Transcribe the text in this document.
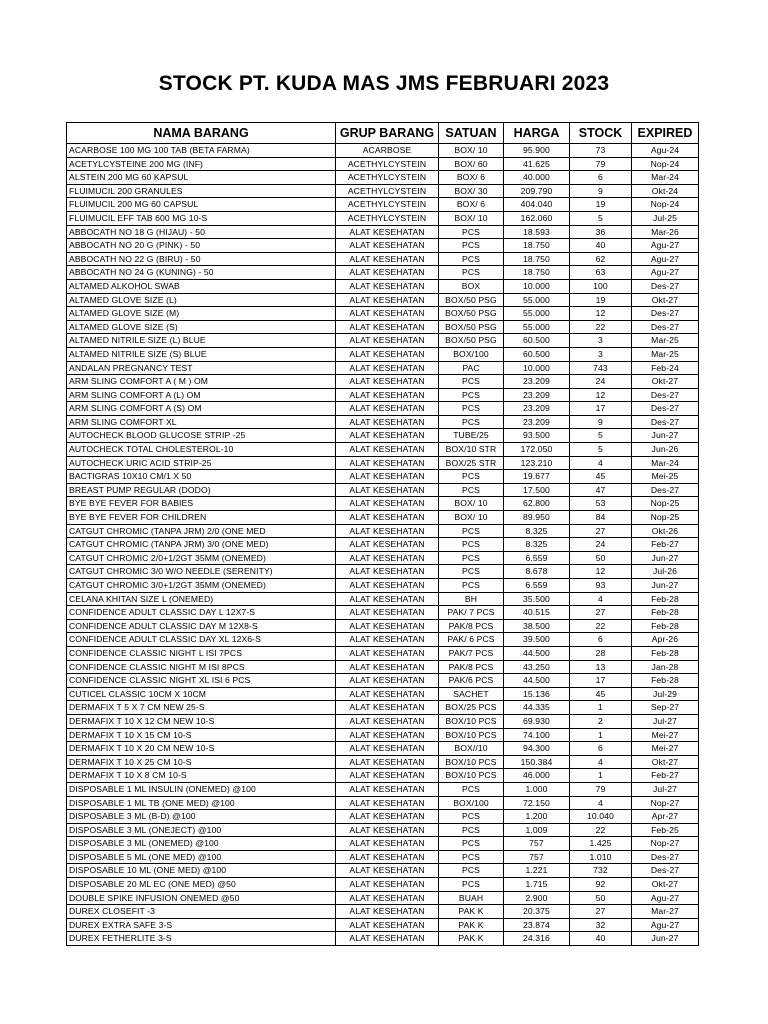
STOCK PT. KUDA MAS JMS FEBRUARI 2023
NAMA BARANG	GRUP BARANG	SATUAN	HARGA	STOCK	EXPIRED
ACARBOSE 100 MG 100 TAB (BETA FARMA)	ACARBOSE	BOX/ 10	95.900	73	Agu-24
ACETYLCYSTEINE 200 MG (INF)	ACETHYLCYSTEIN	BOX/ 60	41.625	79	Nop-24
ALSTEIN 200 MG 60 KAPSUL	ACETHYLCYSTEIN	BOX/ 6	40.000	6	Mar-24
FLUIMUCIL 200 GRANULES	ACETHYLCYSTEIN	BOX/ 30	209.790	9	Okt-24
FLUIMUCIL 200 MG 60 CAPSUL	ACETHYLCYSTEIN	BOX/ 6	404.040	19	Nop-24
FLUIMUCIL EFF TAB 600 MG 10-S	ACETHYLCYSTEIN	BOX/ 10	162.060	5	Jul-25
ABBOCATH NO 18 G (HIJAU) - 50	ALAT KESEHATAN	PCS	18.593	36	Mar-26
ABBOCATH NO 20 G (PINK) - 50	ALAT KESEHATAN	PCS	18.750	40	Agu-27
ABBOCATH NO 22 G (BIRU) - 50	ALAT KESEHATAN	PCS	18.750	62	Agu-27
ABBOCATH NO 24 G (KUNING) - 50	ALAT KESEHATAN	PCS	18.750	63	Agu-27
ALTAMED ALKOHOL SWAB	ALAT KESEHATAN	BOX	10.000	100	Des-27
ALTAMED GLOVE SIZE (L)	ALAT KESEHATAN	BOX/50 PSG	55.000	19	Okt-27
ALTAMED GLOVE SIZE (M)	ALAT KESEHATAN	BOX/50 PSG	55.000	12	Des-27
ALTAMED GLOVE SIZE (S)	ALAT KESEHATAN	BOX/50 PSG	55.000	22	Des-27
ALTAMED NITRILE SIZE (L) BLUE	ALAT KESEHATAN	BOX/50 PSG	60.500	3	Mar-25
ALTAMED NITRILE SIZE (S) BLUE	ALAT KESEHATAN	BOX/100	60.500	3	Mar-25
ANDALAN PREGNANCY TEST	ALAT KESEHATAN	PAC	10.000	743	Feb-24
ARM SLING COMFORT A ( M ) OM	ALAT KESEHATAN	PCS	23.209	24	Okt-27
ARM SLING COMFORT A (L) OM	ALAT KESEHATAN	PCS	23.209	12	Des-27
ARM SLING COMFORT A (S) OM	ALAT KESEHATAN	PCS	23.209	17	Des-27
ARM SLING COMFORT XL	ALAT KESEHATAN	PCS	23.209	9	Des-27
AUTOCHECK BLOOD GLUCOSE STRIP -25	ALAT KESEHATAN	TUBE/25	93.500	5	Jun-27
AUTOCHECK TOTAL CHOLESTEROL-10	ALAT KESEHATAN	BOX/10 STR	172.050	5	Jun-26
AUTOCHECK URIC ACID STRIP-25	ALAT KESEHATAN	BOX/25 STR	123.210	4	Mar-24
BACTIGRAS 10X10 CM/1 X 50	ALAT KESEHATAN	PCS	19.677	45	Mei-25
BREAST PUMP REGULAR (DODO)	ALAT KESEHATAN	PCS	17.500	47	Des-27
BYE BYE FEVER FOR BABIES	ALAT KESEHATAN	BOX/ 10	62.800	53	Nop-25
BYE BYE FEVER FOR CHILDREN	ALAT KESEHATAN	BOX/ 10	89.950	84	Nop-25
CATGUT CHROMIC (TANPA JRM) 2/0 (ONE MED	ALAT KESEHATAN	PCS	8.325	27	Okt-26
CATGUT CHROMIC (TANPA JRM) 3/0 (ONE MED)	ALAT KESEHATAN	PCS	8.325	24	Feb-27
CATGUT CHROMIC 2/0+1/2GT 35MM (ONEMED)	ALAT KESEHATAN	PCS	6.559	50	Jun-27
CATGUT CHROMIC 3/0 W/O NEEDLE (SERENITY)	ALAT KESEHATAN	PCS	8.678	12	Jul-26
CATGUT CHROMIC 3/0+1/2GT 35MM (ONEMED)	ALAT KESEHATAN	PCS	6.559	93	Jun-27
CELANA KHITAN SIZE L (ONEMED)	ALAT KESEHATAN	BH	35.500	4	Feb-28
CONFIDENCE ADULT CLASSIC DAY L 12X7-S	ALAT KESEHATAN	PAK/ 7 PCS	40.515	27	Feb-28
CONFIDENCE ADULT CLASSIC DAY M 12X8-S	ALAT KESEHATAN	PAK/8 PCS	38.500	22	Feb-28
CONFIDENCE ADULT CLASSIC DAY XL 12X6-S	ALAT KESEHATAN	PAK/ 6 PCS	39.500	6	Apr-26
CONFIDENCE CLASSIC NIGHT L ISI 7PCS	ALAT KESEHATAN	PAK/7 PCS	44.500	28	Feb-28
CONFIDENCE CLASSIC NIGHT M ISI 8PCS	ALAT KESEHATAN	PAK/8 PCS	43.250	13	Jan-28
CONFIDENCE CLASSIC NIGHT XL ISI 6 PCS	ALAT KESEHATAN	PAK/6 PCS	44.500	17	Feb-28
CUTICEL CLASSIC 10CM X 10CM	ALAT KESEHATAN	SACHET	15.136	45	Jul-29
DERMAFIX T 5 X 7 CM NEW 25-S	ALAT KESEHATAN	BOX/25 PCS	44.335	1	Sep-27
DERMAFIX T 10 X 12 CM NEW 10-S	ALAT KESEHATAN	BOX/10 PCS	69.930	2	Jul-27
DERMAFIX T 10 X 15 CM 10-S	ALAT KESEHATAN	BOX/10 PCS	74.100	1	Mei-27
DERMAFIX T 10 X 20 CM NEW 10-S	ALAT KESEHATAN	BOX//10	94.300	6	Mei-27
DERMAFIX T 10 X 25 CM 10-S	ALAT KESEHATAN	BOX/10 PCS	150.384	4	Okt-27
DERMAFIX T 10 X 8 CM 10-S	ALAT KESEHATAN	BOX/10 PCS	46.000	1	Feb-27
DISPOSABLE 1 ML INSULIN (ONEMED) @100	ALAT KESEHATAN	PCS	1.000	79	Jul-27
DISPOSABLE 1 ML TB (ONE MED) @100	ALAT KESEHATAN	BOX/100	72.150	4	Nop-27
DISPOSABLE 3 ML (B-D) @100	ALAT KESEHATAN	PCS	1.200	10.040	Apr-27
DISPOSABLE 3 ML (ONEJECT) @100	ALAT KESEHATAN	PCS	1.009	22	Feb-25
DISPOSABLE 3 ML (ONEMED) @100	ALAT KESEHATAN	PCS	757	1.425	Nop-27
DISPOSABLE 5 ML (ONE MED) @100	ALAT KESEHATAN	PCS	757	1.010	Des-27
DISPOSABLE 10 ML (ONE MED) @100	ALAT KESEHATAN	PCS	1.221	732	Des-27
DISPOSABLE 20 ML EC (ONE MED) @50	ALAT KESEHATAN	PCS	1.715	92	Okt-27
DOUBLE SPIKE INFUSION ONEMED @50	ALAT KESEHATAN	BUAH	2.900	50	Agu-27
DUREX CLOSEFIT -3	ALAT KESEHATAN	PAK K	20.375	27	Mar-27
DUREX EXTRA SAFE 3-S	ALAT KESEHATAN	PAK K	23.874	32	Agu-27
DUREX FETHERLITE 3-S	ALAT KESEHATAN	PAK K	24.316	40	Jun-27
